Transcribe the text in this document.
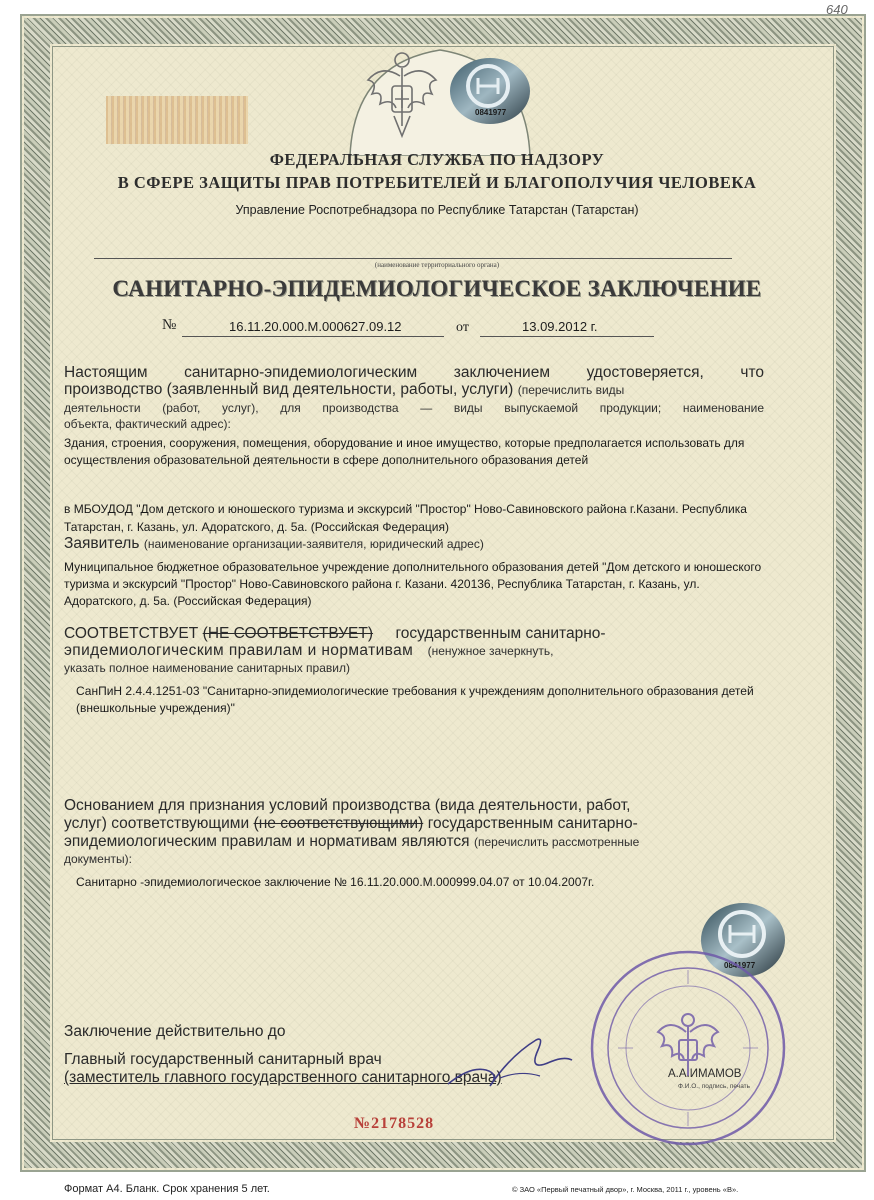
640
0841977
ФЕДЕРАЛЬНАЯ СЛУЖБА ПО НАДЗОРУ
В СФЕРЕ ЗАЩИТЫ ПРАВ ПОТРЕБИТЕЛЕЙ И БЛАГОПОЛУЧИЯ ЧЕЛОВЕКА
Управление Роспотребнадзора по Республике Татарстан (Татарстан)
(наименование территориального органа)
САНИТАРНО-ЭПИДЕМИОЛОГИЧЕСКОЕ ЗАКЛЮЧЕНИЕ
№	16.11.20.000.М.000627.09.12	от	13.09.2012 г.
Настоящим санитарно-эпидемиологическим заключением удостоверяется, что
производство (заявленный вид деятельности, работы, услуги) (перечислить виды
деятельности (работ, услуг), для производства — виды выпускаемой продукции; наименование
объекта, фактический адрес):
Здания, строения, сооружения, помещения, оборудование и иное имущество, которые предполагается использовать для
осуществления образовательной деятельности в сфере дополнительного образования детей
в МБОУДОД "Дом детского и юношеского туризма и экскурсий "Простор" Ново-Савиновского района г.Казани. Республика
Татарстан, г. Казань, ул. Адоратского, д. 5а. (Российская Федерация)
Заявитель (наименование организации-заявителя, юридический адрес)
Муниципальное бюджетное образовательное учреждение дополнительного образования детей "Дом детского и юношеского
туризма и экскурсий "Простор" Ново-Савиновского района г. Казани. 420136, Республика Татарстан, г. Казань, ул.
Адоратского, д. 5а. (Российская Федерация)
СООТВЕТСТВУЕТ (НЕ СООТВЕТСТВУЕТ) государственным санитарно-
эпидемиологическим правилам и нормативам (ненужное зачеркнуть,
указать полное наименование санитарных правил)
СанПиН 2.4.4.1251-03 "Санитарно-эпидемиологические требования к учреждениям дополнительного образования детей
(внешкольные учреждения)"
Основанием для признания условий производства (вида деятельности, работ,
услуг) соответствующими (не соответствующими) государственным санитарно-
эпидемиологическим правилам и нормативам являются (перечислить рассмотренные
документы):
Санитарно -эпидемиологическое заключение № 16.11.20.000.М.000999.04.07 от 10.04.2007г.
0841977
Заключение действительно до
Главный государственный санитарный врач
(заместитель главного государственного санитарного врача)	А.А.ИМАМОВ
Ф.И.О., подпись, печать
№2178528
Формат А4. Бланк. Срок хранения 5 лет.	© ЗАО «Первый печатный двор», г. Москва, 2011 г., уровень «В».
